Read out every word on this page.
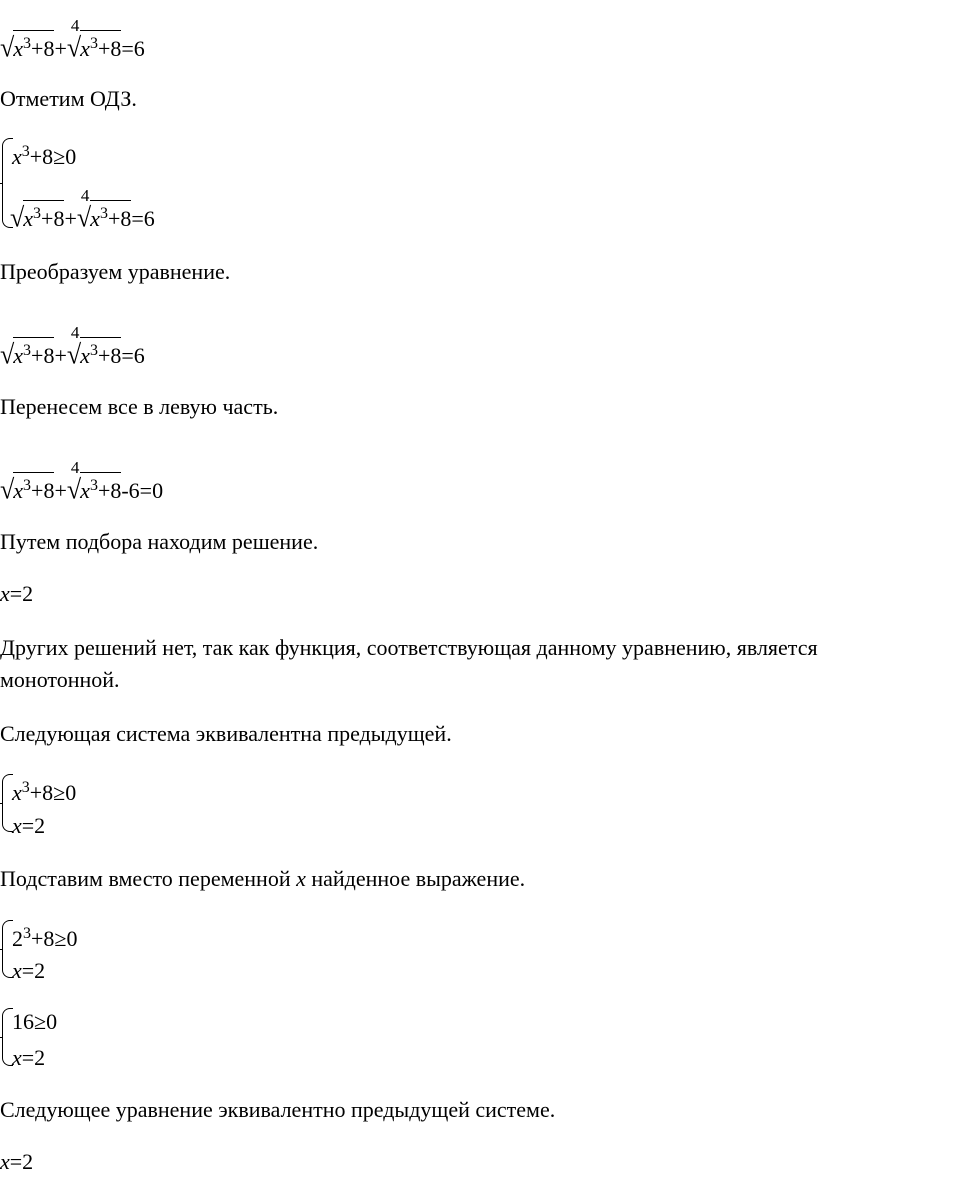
$√x^3+8+$
4
$√x^3+8=6$
Отметим ОДЗ.
$x^3+8\ge 0$
$√x^3+8+$
4
$√x^3+8=6$
Преобразуем уравнение.
$√x^3+8+$
4
$√x^3+8=6$
Перенесем все в левую часть.
$√x^3+8+$
4
$√x^3+8-6=0$
Путем подбора находим решение.
x=2
Других решений нет, так как функция, соответствующая данному уравнению, является
монотонной.
Следующая система эквивалентна предыдущей.
$x^3+8\ge 0$
x=2
Подставим вместо переменной x найденное выражение.
$2^3+8\ge 0$
x=2
16≥0
x=2
Следующее уравнение эквивалентно предыдущей системе.
x=2
